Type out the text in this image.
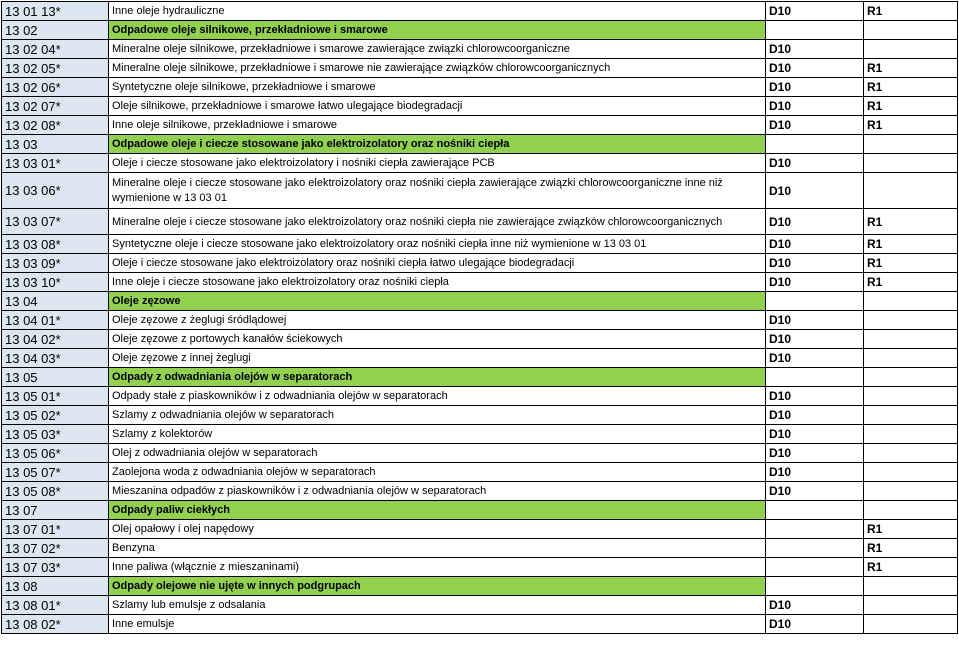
13 01 13*	Inne oleje hydrauliczne	D10	R1
13 02	Odpadowe oleje silnikowe, przekładniowe i smarowe		
13 02 04*	Mineralne oleje silnikowe, przekładniowe i smarowe zawierające związki chlorowcoorganiczne	D10	
13 02 05*	Mineralne oleje silnikowe, przekładniowe i smarowe nie zawierające związków chlorowcoorganicznych	D10	R1
13 02 06*	Syntetyczne oleje silnikowe, przekładniowe i smarowe	D10	R1
13 02 07*	Oleje silnikowe, przekładniowe i smarowe łatwo ulegające biodegradacji	D10	R1
13 02 08*	Inne oleje silnikowe, przekładniowe i smarowe	D10	R1
13 03	Odpadowe oleje i ciecze stosowane jako elektroizolatory oraz nośniki ciepła		
13 03 01*	Oleje i ciecze stosowane jako elektroizolatory i nośniki ciepła zawierające PCB	D10	
13 03 06*	Mineralne oleje i ciecze stosowane jako elektroizolatory oraz nośniki ciepła zawierające związki chlorowcoorganiczne inne niż wymienione w 13 03 01	D10	
13 03 07*	Mineralne oleje i ciecze stosowane jako elektroizolatory oraz nośniki ciepła nie zawierające związków chlorowcoorganicznych	D10	R1
13 03 08*	Syntetyczne oleje i ciecze stosowane jako elektroizolatory oraz nośniki ciepła inne niż wymienione w 13 03 01	D10	R1
13 03 09*	Oleje i ciecze stosowane jako elektroizolatory oraz nośniki ciepła łatwo ulegające biodegradacji	D10	R1
13 03 10*	Inne oleje i ciecze stosowane jako elektroizolatory oraz nośniki ciepła	D10	R1
13 04	Oleje zęzowe		
13 04 01*	Oleje zęzowe z żeglugi śródlądowej	D10	
13 04 02*	Oleje zęzowe z portowych kanałów ściekowych	D10	
13 04 03*	Oleje zęzowe z innej żeglugi	D10	
13 05	Odpady z odwadniania olejów w separatorach		
13 05 01*	Odpady stałe z piaskowników i z odwadniania olejów w separatorach	D10	
13 05 02*	Szlamy z odwadniania olejów w separatorach	D10	
13 05 03*	Szlamy z kolektorów	D10	
13 05 06*	Olej z odwadniania olejów w separatorach	D10	
13 05 07*	Zaolejona woda z odwadniania olejów w separatorach	D10	
13 05 08*	Mieszanina odpadów z piaskowników i z odwadniania olejów w separatorach	D10	
13 07	Odpady paliw ciekłych		
13 07 01*	Olej opałowy i olej napędowy		R1
13 07 02*	Benzyna		R1
13 07 03*	Inne paliwa (włącznie z mieszaninami)		R1
13 08	Odpady olejowe nie ujęte w innych podgrupach		
13 08 01*	Szlamy lub emulsje z odsalania	D10	
13 08 02*	Inne emulsje	D10	
